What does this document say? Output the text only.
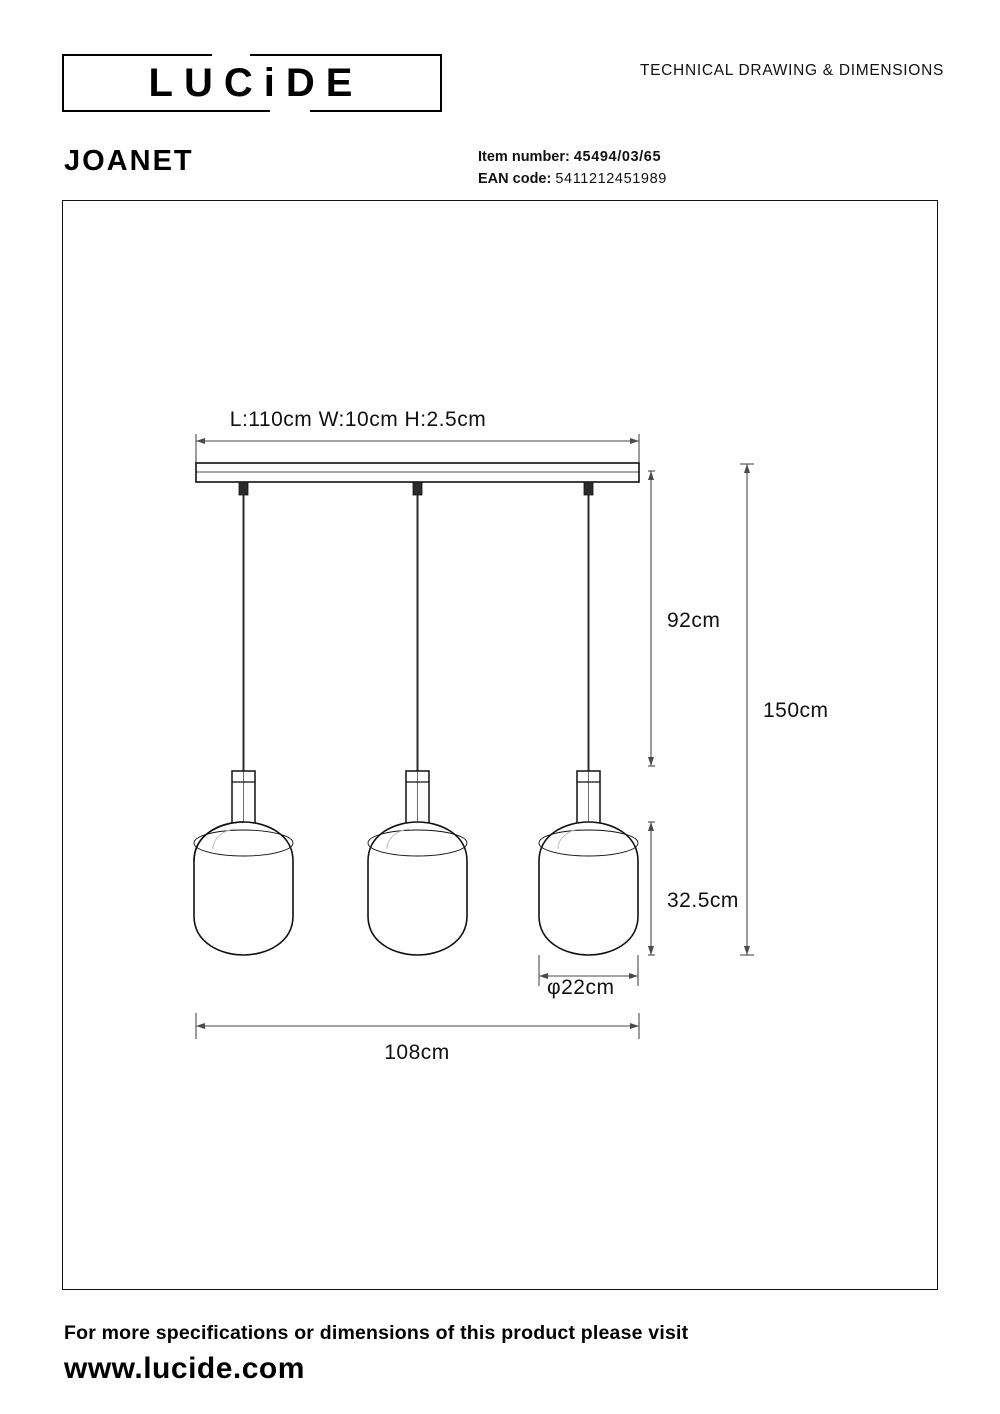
LUCiDE	TECHNICAL DRAWING & DIMENSIONS
JOANET	Item number: 45494/03/65
EAN code: 5411212451989
L:110cm W:10cm H:2.5cm
92cm
32.5cm
150cm
φ22cm
108cm
For more specifications or dimensions of this product please visit
www.lucide.com
